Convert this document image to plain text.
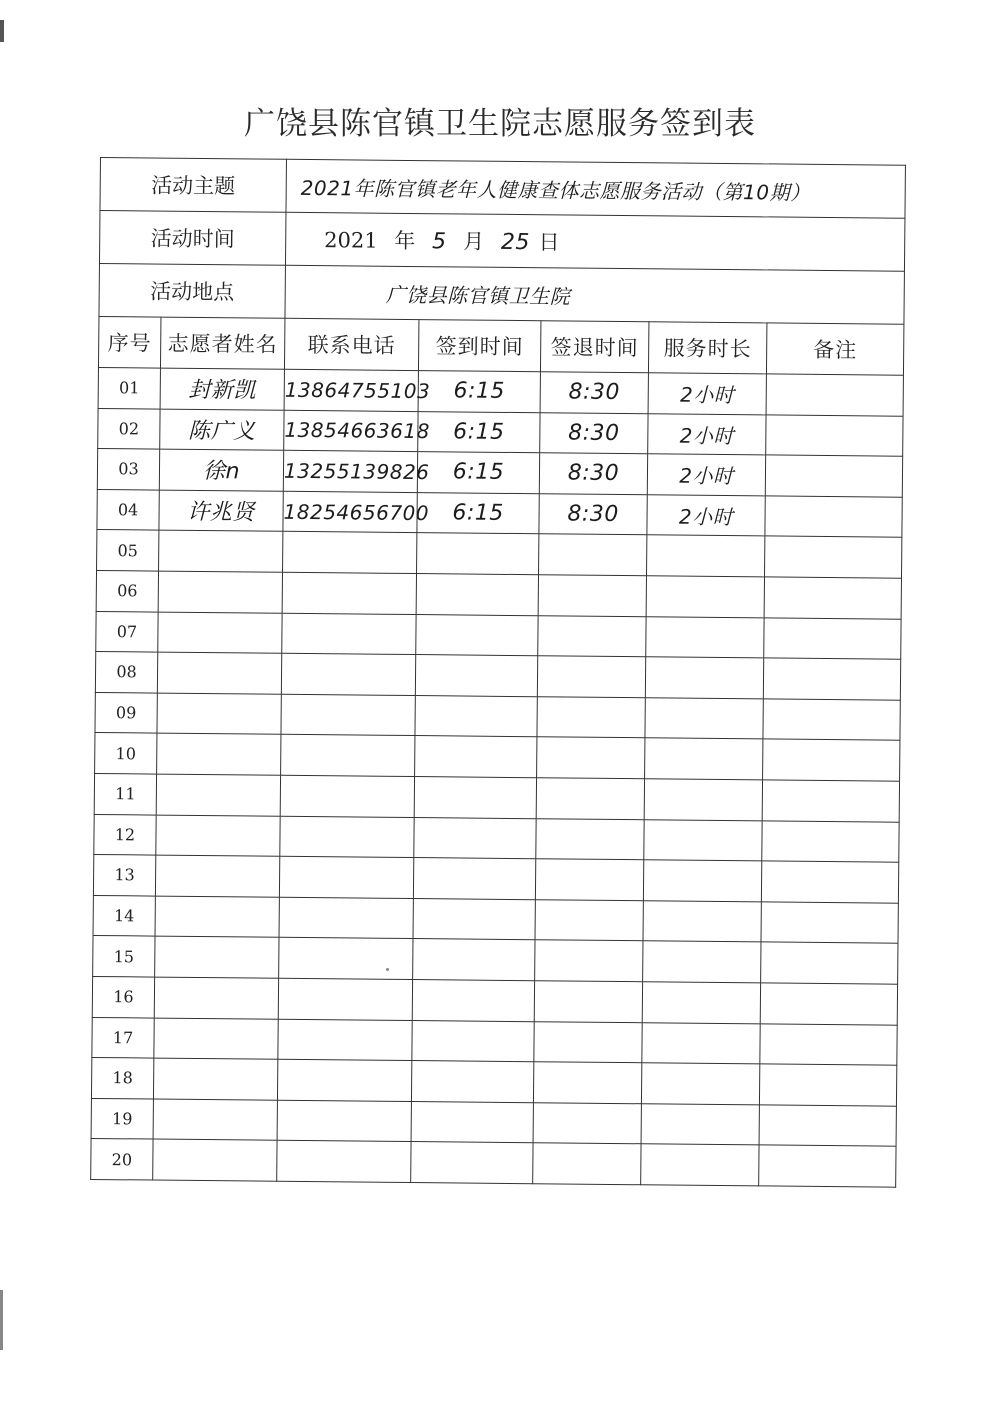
广饶县陈官镇卫生院志愿服务签到表
活动主题		2021年陈官镇老年人健康查体志愿服务活动（第10期）				
活动时间		2021 年 5 月 25 日				
活动地点		广饶县陈官镇卫生院				
序号	志愿者姓名	联系电话	签到时间	签退时间	服务时长	备注
01	封新凯	13864755103	6:15	8:30	2小时	
02	陈广义	13854663618	6:15	8:30	2小时	
03	徐n	13255139826	6:15	8:30	2小时	
04	许兆贤	18254656700	6:15	8:30	2小时	
05						
06						
07						
08						
09						
10						
11						
12						
13						
14						
15						
16						
17						
18						
19						
20						
